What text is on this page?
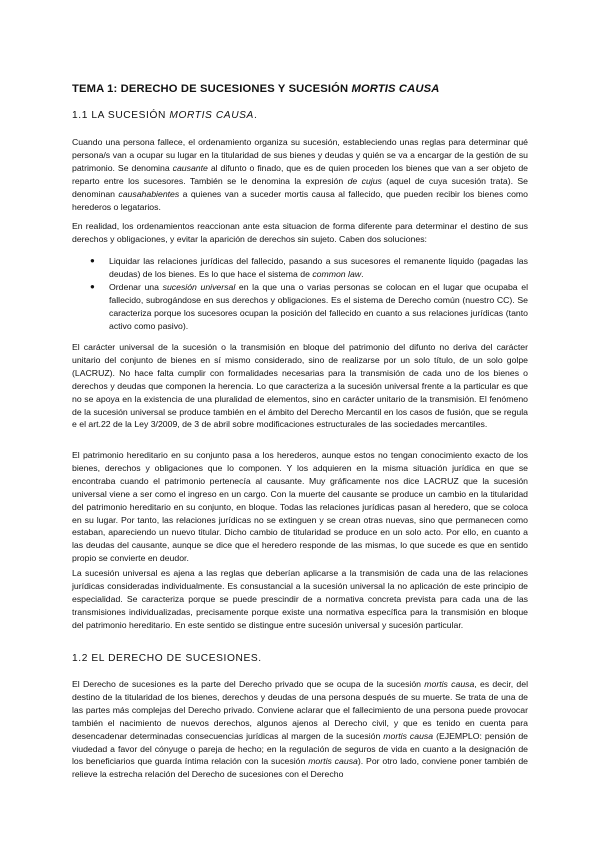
TEMA 1: DERECHO DE SUCESIONES Y SUCESIÓN MORTIS CAUSA
1.1 LA SUCESIÓN MORTIS CAUSA.

Cuando una persona fallece, el ordenamiento organiza su sucesión, estableciendo unas reglas para determinar qué persona/s van a ocupar su lugar en la titularidad de sus bienes y deudas y quién se va a encargar de la gestión de su patrimonio. Se denomina causante al difunto o finado, que es de quien proceden los bienes que van a ser objeto de reparto entre los sucesores. También se le denomina la expresión de cujus (aquel de cuya sucesión trata). Se denominan causahabientes a quienes van a suceder mortis causa al fallecido, que pueden recibir los bienes como herederos o legatarios.

En realidad, los ordenamientos reaccionan ante esta situacion de forma diferente para determinar el destino de sus derechos y obligaciones, y evitar la aparición de derechos sin sujeto. Caben dos soluciones:

● Liquidar las relaciones jurídicas del fallecido, pasando a sus sucesores el remanente liquido (pagadas las deudas) de los bienes. Es lo que hace el sistema de common law.
● Ordenar una sucesión universal en la que una o varias personas se colocan en el lugar que ocupaba el fallecido, subrogándose en sus derechos y obligaciones. Es el sistema de Derecho común (nuestro CC). Se caracteriza porque los sucesores ocupan la posición del fallecido en cuanto a sus relaciones jurídicas (tanto activo como pasivo).

El carácter universal de la sucesión o la transmisión en bloque del patrimonio del difunto no deriva del carácter unitario del conjunto de bienes en sí mismo considerado, sino de realizarse por un solo título, de un solo golpe (LACRUZ). No hace falta cumplir con formalidades necesarias para la transmisión de cada uno de los bienes o derechos y deudas que componen la herencia. Lo que caracteriza a la sucesión universal frente a la particular es que no se apoya en la existencia de una pluralidad de elementos, sino en carácter unitario de la transmisión. El fenómeno de la sucesión universal se produce también en el ámbito del Derecho Mercantil en los casos de fusión, que se regula e el art.22 de la Ley 3/2009, de 3 de abril sobre modificaciones estructurales de las sociedades mercantiles.

El patrimonio hereditario en su conjunto pasa a los herederos, aunque estos no tengan conocimiento exacto de los bienes, derechos y obligaciones que lo componen. Y los adquieren en la misma situación jurídica en que se encontraba cuando el patrimonio pertenecía al causante. Muy gráficamente nos dice LACRUZ que la sucesión universal viene a ser como el ingreso en un cargo. Con la muerte del causante se produce un cambio en la titularidad del patrimonio hereditario en su conjunto, en bloque. Todas las relaciones jurídicas pasan al heredero, que se coloca en su lugar. Por tanto, las relaciones jurídicas no se extinguen y se crean otras nuevas, sino que permanecen como estaban, apareciendo un nuevo titular. Dicho cambio de titularidad se produce en un solo acto. Por ello, en cuanto a las deudas del causante, aunque se dice que el heredero responde de las mismas, lo que sucede es que en sentido propio se convierte en deudor.

La sucesión universal es ajena a las reglas que deberían aplicarse a la transmisión de cada una de las relaciones jurídicas consideradas individualmente. Es consustancial a la sucesión universal la no aplicación de este principio de especialidad. Se caracteriza porque se puede prescindir de a normativa concreta prevista para cada una de las transmisiones individualizadas, precisamente porque existe una normativa específica para la transmisión en bloque del patrimonio hereditario. En este sentido se distingue entre sucesión universal y sucesión particular.

1.2 EL DERECHO DE SUCESIONES.

El Derecho de sucesiones es la parte del Derecho privado que se ocupa de la sucesión mortis causa, es decir, del destino de la titularidad de los bienes, derechos y deudas de una persona después de su muerte. Se trata de una de las partes más complejas del Derecho privado. Conviene aclarar que el fallecimiento de una persona puede provocar también el nacimiento de nuevos derechos, algunos ajenos al Derecho civil, y que es tenido en cuenta para desencadenar determinadas consecuencias jurídicas al margen de la sucesión mortis causa (EJEMPLO: pensión de viudedad a favor del cónyuge o pareja de hecho; en la regulación de seguros de vida en cuanto a la designación de los beneficiarios que guarda íntima relación con la sucesión mortis causa). Por otro lado, conviene poner también de relieve la estrecha relación del Derecho de sucesiones con el Derecho
